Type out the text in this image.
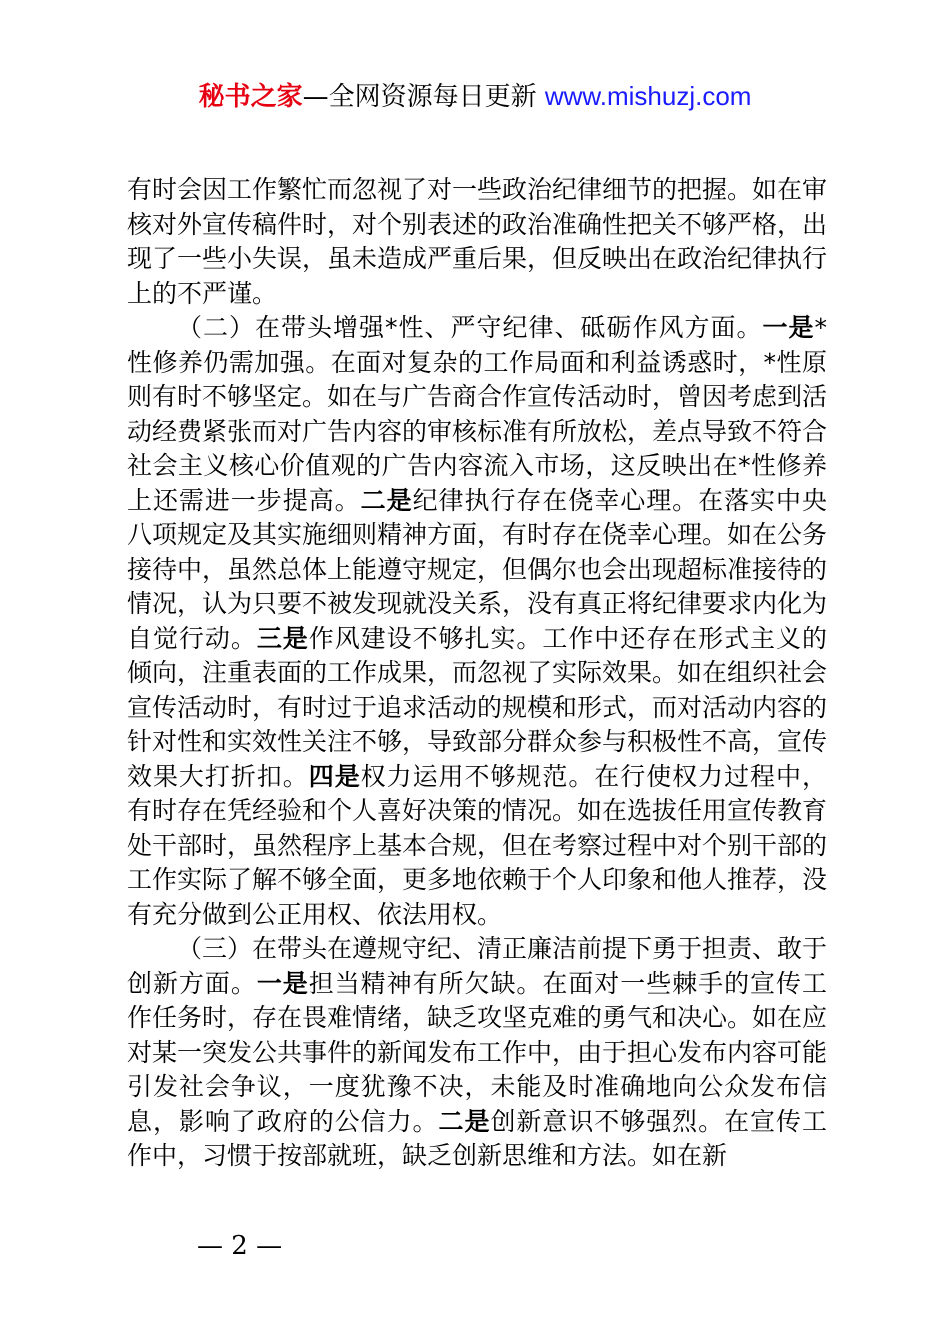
秘书之家—全网资源每日更新 www.mishuzj.com

有时会因工作繁忙而忽视了对一些政治纪律细节的把握。如在审核对外宣传稿件时，对个别表述的政治准确性把关不够严格，出现了一些小失误，虽未造成严重后果，但反映出在政治纪律执行上的不严谨。

（二）在带头增强*性、严守纪律、砥砺作风方面。一是*性修养仍需加强。在面对复杂的工作局面和利益诱惑时，*性原则有时不够坚定。如在与广告商合作宣传活动时，曾因考虑到活动经费紧张而对广告内容的审核标准有所放松，差点导致不符合社会主义核心价值观的广告内容流入市场，这反映出在*性修养上还需进一步提高。二是纪律执行存在侥幸心理。在落实中央八项规定及其实施细则精神方面，有时存在侥幸心理。如在公务接待中，虽然总体上能遵守规定，但偶尔也会出现超标准接待的情况，认为只要不被发现就没关系，没有真正将纪律要求内化为自觉行动。三是作风建设不够扎实。工作中还存在形式主义的倾向，注重表面的工作成果，而忽视了实际效果。如在组织社会宣传活动时，有时过于追求活动的规模和形式，而对活动内容的针对性和实效性关注不够，导致部分群众参与积极性不高，宣传效果大打折扣。四是权力运用不够规范。在行使权力过程中，有时存在凭经验和个人喜好决策的情况。如在选拔任用宣传教育处干部时，虽然程序上基本合规，但在考察过程中对个别干部的工作实际了解不够全面，更多地依赖于个人印象和他人推荐，没有充分做到公正用权、依法用权。

（三）在带头在遵规守纪、清正廉洁前提下勇于担责、敢于创新方面。一是担当精神有所欠缺。在面对一些棘手的宣传工作任务时，存在畏难情绪，缺乏攻坚克难的勇气和决心。如在应对某一突发公共事件的新闻发布工作中，由于担心发布内容可能引发社会争议，一度犹豫不决，未能及时准确地向公众发布信息，影响了政府的公信力。二是创新意识不够强烈。在宣传工作中，习惯于按部就班，缺乏创新思维和方法。如在新

— 2 —
